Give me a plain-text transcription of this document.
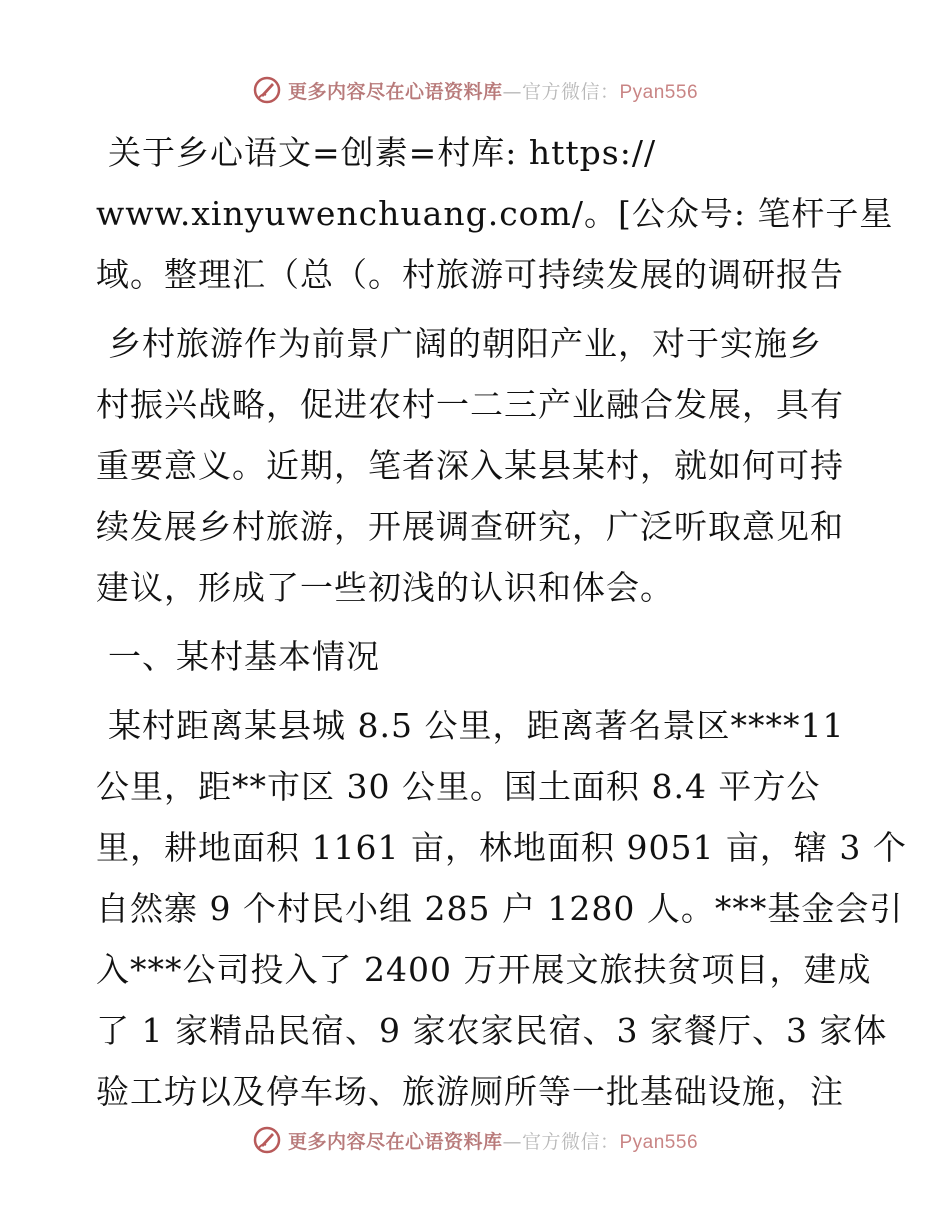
更多内容尽在心语资料库—官方微信：Pyan556
关于乡心语文=创素=村库: https://
www.xinyuwenchuang.com/。[公众号: 笔杆子星
域。整理汇（总（。村旅游可持续发展的调研报告
乡村旅游作为前景广阔的朝阳产业，对于实施乡
村振兴战略，促进农村一二三产业融合发展，具有
重要意义。近期，笔者深入某县某村，就如何可持
续发展乡村旅游，开展调查研究，广泛听取意见和
建议，形成了一些初浅的认识和体会。
一、某村基本情况
某村距离某县城 8.5 公里，距离著名景区****11
公里，距**市区 30 公里。国土面积 8.4 平方公
里，耕地面积 1161 亩，林地面积 9051 亩，辖 3 个
自然寨 9 个村民小组 285 户 1280 人。***基金会引
入***公司投入了 2400 万开展文旅扶贫项目，建成
了 1 家精品民宿、9 家农家民宿、3 家餐厅、3 家体
验工坊以及停车场、旅游厕所等一批基础设施，注
更多内容尽在心语资料库—官方微信：Pyan556
